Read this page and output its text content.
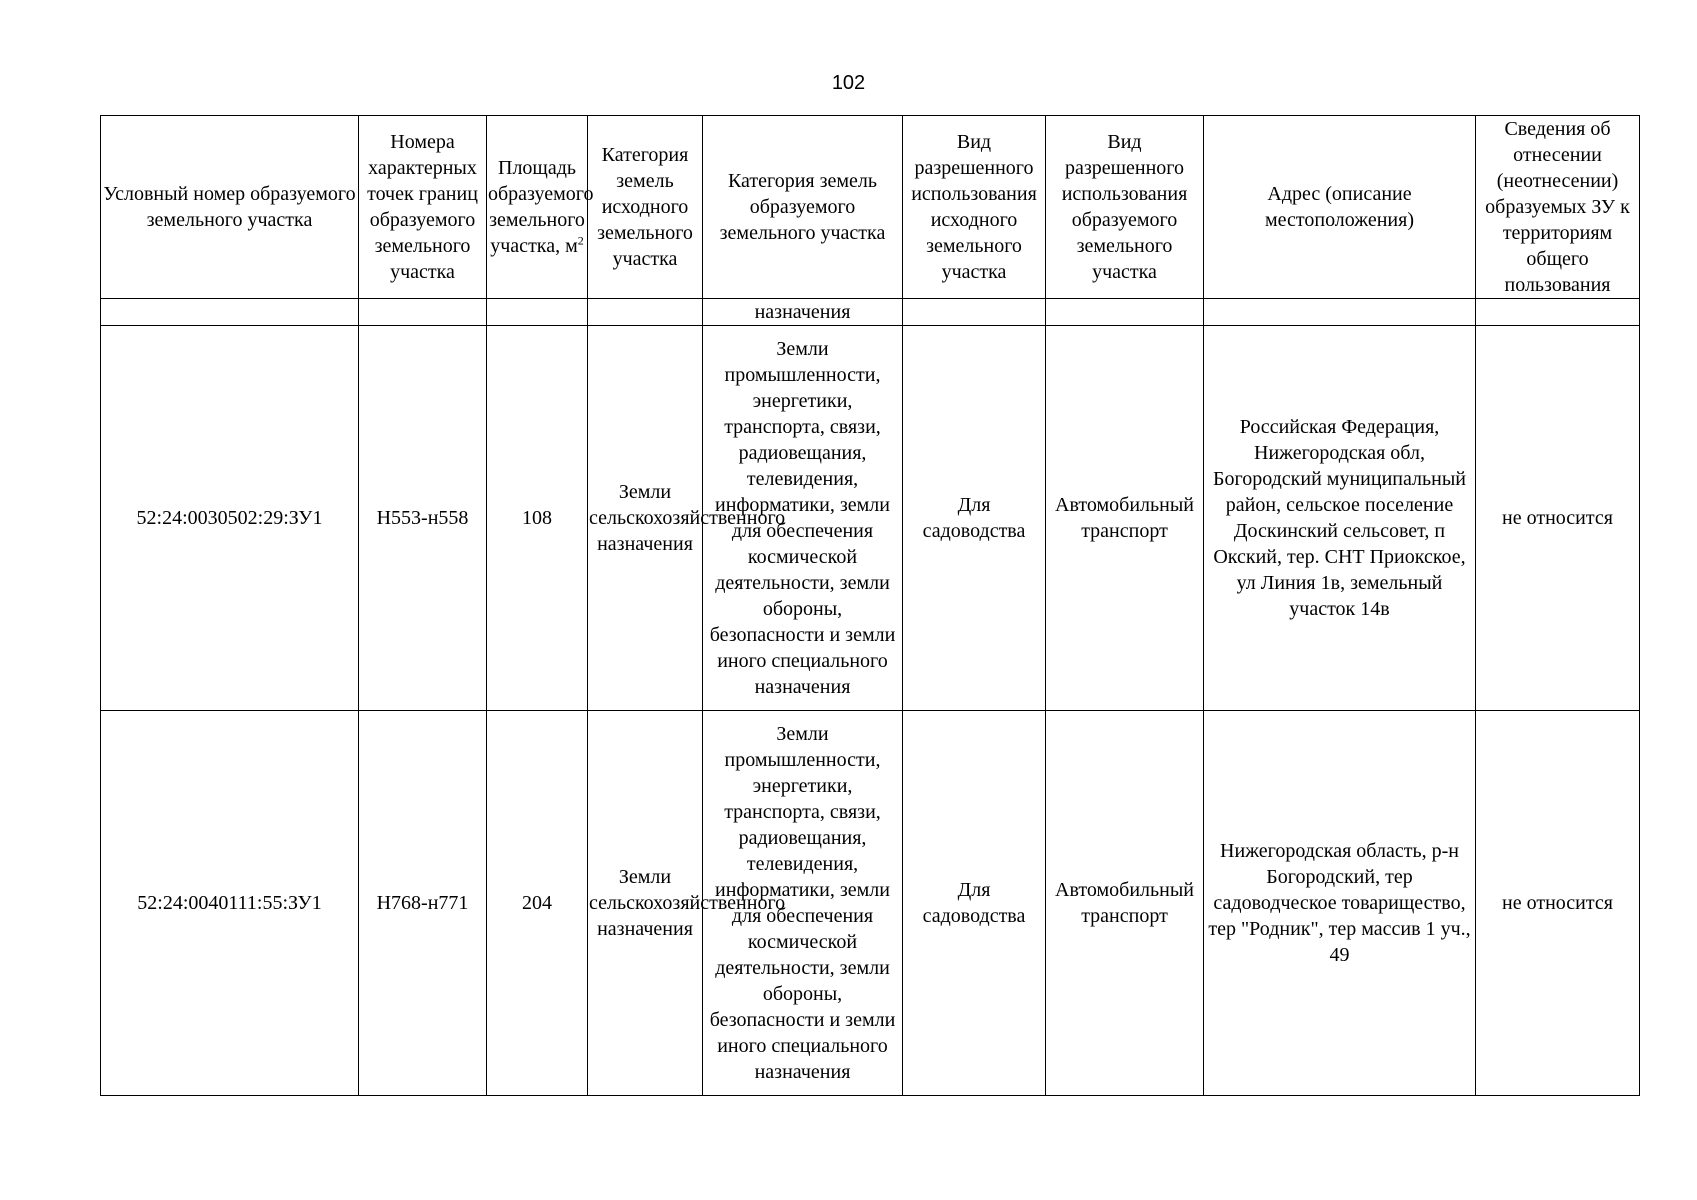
102
Условный номер образуемого земельного участка	Номера характерных точек границ образуемого земельного участка	Площадь образуемого земельного участка, $м^2$	Категория земель исходного земельного участка	Категория земель образуемого земельного участка	Вид разрешенного использования исходного земельного участка	Вид разрешенного использования образуемого земельного участка	Адрес (описание местоположения)	Сведения об отнесении (неотнесении) образуемых ЗУ к территориям общего пользования
				назначения				
52:24:0030502:29:ЗУ1	Н553-н558	108	Земли сельскохозяйственного назначения	Земли промышленности, энергетики, транспорта, связи, радиовещания, телевидения, информатики, земли для обеспечения космической деятельности, земли обороны, безопасности и земли иного специального назначения	Для садоводства	Автомобильный транспорт	Российская Федерация, Нижегородская обл, Богородский муниципальный район, сельское поселение Доскинский сельсовет, п Окский, тер. СНТ Приокское, ул Линия 1в, земельный участок 14в	не относится
52:24:0040111:55:ЗУ1	Н768-н771	204	Земли сельскохозяйственного назначения	Земли промышленности, энергетики, транспорта, связи, радиовещания, телевидения, информатики, земли для обеспечения космической деятельности, земли обороны, безопасности и земли иного специального назначения	Для садоводства	Автомобильный транспорт	Нижегородская область, р-н Богородский, тер садоводческое товарищество, тер "Родник", тер массив 1 уч., 49	не относится
